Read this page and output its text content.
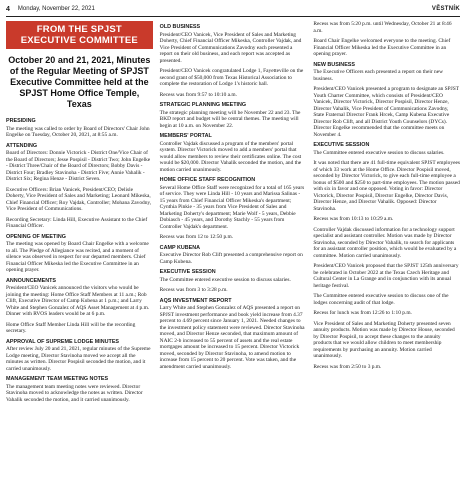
4 Monday, November 22, 2021	VĚSTNÍK
FROM THE SPJST
EXECUTIVE COMMITTEE
October 20 and 21, 2021, Minutes of the Regular Meeting of SPJST Executive Committee held at the SPJST Home Office Temple, Texas
PRESIDING

The meeting was called to order by Board of Directors' Chair John Engelke on Tuesday, October 20, 2021, at 8:55 a.m.

ATTENDING

Board of Directors: Donnie Victorick - District One/Vice Chair of the Board of Directors; Jesse Pospisil - District Two; John Engelke - District Three/Chair of the Board of Directors; Bobby Davis - District Four; Bradley Stavinoha - District Five; Annie Vahalik - District Six; Regina Henze - District Seven.

Executive Officers: Brian Vanicek, President/CEO; Delisle Doherty, Vice President of Sales and Marketing; Leonard Mikeska, Chief Financial Officer; Roy Vajdak, Controller; Mohana Zavodny, Vice President of Communications.

Recording Secretary: Linda Hill, Executive Assistant to the Chief Financial Officer.

OPENING OF MEETING

The meeting was opened by Board Chair Engelke with a welcome to all. The Pledge of Allegiance was recited, and a moment of silence was observed in respect for our departed members. Chief Financial Officer Mikeska led the Executive Committee in an opening prayer.

ANNOUNCEMENTS

President/CEO Vanicek announced the visitors who would be joining the meeting: Home Office Staff Members at 11 a.m.; Rob Clift, Executive Director of Camp Kubena at 1 p.m.; and Larry White and Stephen Gonzalez of AQS Asset Management at 4 p.m. Dinner with RVOS leaders would be at 6 p.m.

Home Office Staff Member Linda Hill will be the recording secretary.

APPROVAL OF SUPREME LODGE MINUTES

After review July 20 and 21, 2021, regular minutes of the Supreme Lodge meeting, Director Stavinoha moved we accept all the minutes as written. Director Pospisil seconded the motion, and it carried unanimously.

MANAGEMENT TEAM MEETING NOTES

The management team meeting notes were reviewed. Director Stavinoha moved to acknowledge the notes as written. Director Vahalik seconded the motion, and it carried unanimously.

OLD BUSINESS

President/CEO Vanicek, Vice President of Sales and Marketing Doherty, Chief Financial Officer Mikeska, Controller Vajdak, and Vice President of Communications Zavodny each presented a report on their old business, and each report was accepted as presented.

President/CEO Vanicek congratulated Lodge 1, Fayetteville on the second grant of $50,000 from Texas Historical Association to complete the restoration of Lodge 1's historic hall.

Recess was from 9:57 to 10:10 a.m.

STRATEGIC PLANNING MEETING

The strategic planning meeting will be November 22 and 23. The BKD report and budget will be central themes. The meeting will begin at 10 a.m. on November 22.

MEMBERS' PORTAL

Controller Vajdak discussed a program of the members' portal system. Director Victorick moved to add a members' portal that would allow members to review their certificates online. The cost would be $20,000. Director Vahalik seconded the motion, and the motion carried unanimously.

HOME OFFICE STAFF RECOGNITION

Several Home Office Staff were recognized for a total of 165 years of service. They were Linda Hill - 10 years and Marissa Salinas - 15 years from Chief Financial Officer Mikeska's department; Cynthia Pinkie - 35 years from Vice President of Sales and Marketing Doherty's department; Marie Wolf - 5 years, Debbie Dobiasch - 45 years, and Dorothy Stachly - 55 years from Controller Vajdak's department.

Recess was from 12 to 12:50 p.m.

CAMP KUBENA

Executive Director Rob Clift presented a comprehensive report on Camp Kubena.

EXECUTIVE SESSION

The Committee entered executive session to discuss salaries.

Recess was from 3 to 3:28 p.m.

AQS INVESTMENT REPORT

Larry White and Stephen Gonzalez of AQS presented a report on SPJST investment performance and book yield increase from 4.37 percent to 4.69 percent since January 1, 2021. Needed changes to the investment policy statement were reviewed. Director Stavinoha moved, and Director Henze seconded, that maximum amount of NAIC 2-b increased to 55 percent of assets and the real estate mortgages amount be increased to 15 percent. Director Victorick moved, seconded by Director Stavinoha, to amend motion to increase from 15 percent to 20 percent. Vote was taken, and the amendment carried unanimously.

Recess was from 5:20 p.m. until Wednesday, October 21 at 8:46 a.m.

Board Chair Engelke welcomed everyone to the meeting. Chief Financial Officer Mikeska led the Executive Committee in an opening prayer.

NEW BUSINESS

The Executive Officers each presented a report on their new business.

President/CEO Vanicek presented a program to designate an SPJST Youth Charter Committee, which consists of President/CEO Vanicek, Director Victorick, Director Pospisil, Director Henze, Director Vahalik, Vice President of Communications Zavodny, State Fraternal Director Frank Hrcek, Camp Kubena Executive Director Rob Clift, and all District Youth Counselors (DYCs). Director Engelke recommended that the committee meets on November 4.

EXECUTIVE SESSION

The Committee entered executive session to discuss salaries.

It was noted that there are 41 full-time equivalent SPJST employees of which 33 work at the Home Office. Director Pospisil moved, seconded by Director Victorick, to give each full-time employee a bonus of $500 and $250 to part-time employees. The motion passed with six in favor and one opposed. Voting in favor: Director Victorick, Director Pospisil, Director Engelke, Director Davis, Director Henze, and Director Vahalik. Opposed: Director Stavinoha.

Recess was from 10:13 to 10:29 a.m.

Controller Vajdak discussed information for a technology support specialist and assistant controller. Motion was made by Director Stavinoha, seconded by Director Vahalik, to search for applicants for an assistant controller position, which would be evaluated by a committee. Motion carried unanimously.

President/CEO Vanicek proposed that the SPJST 125th anniversary be celebrated in October 2022 at the Texas Czech Heritage and Cultural Center in La Grange and in conjunction with its annual heritage festival.

The Committee entered executive session to discuss one of the lodges concerning audit of that lodge.

Recess for lunch was from 12:26 to 1:10 p.m.

Vice President of Sales and Marketing Doherty presented seven annuity products. Motion was made by Director House, seconded by Director Pospisil, to accept these changes to the annuity products that we would allow children to meet membership requirements by purchasing an annuity. Motion carried unanimously.

Recess was from 2:50 to 3 p.m.
